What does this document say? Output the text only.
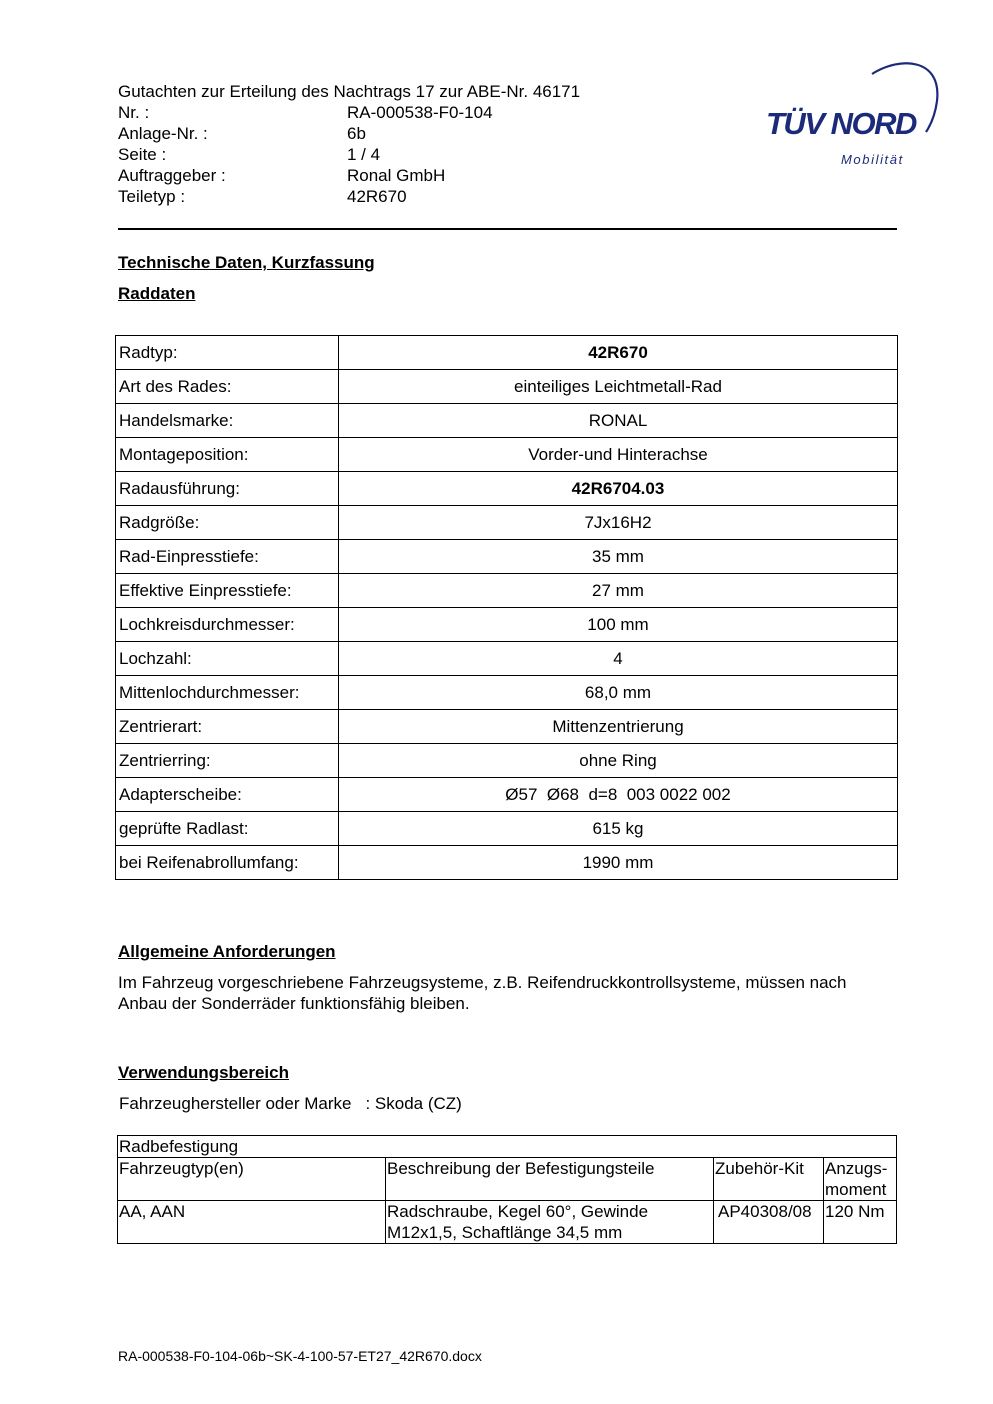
Gutachten zur Erteilung des Nachtrags 17 zur ABE-Nr. 46171
Nr. :	RA-000538-F0-104
Anlage-Nr. :	6b
Seite :	1 / 4
Auftraggeber :	Ronal GmbH
Teiletyp :	42R670
TÜV NORD
Mobilität
Technische Daten, Kurzfassung
Raddaten
Radtyp:	42R670
Art des Rades:	einteiliges Leichtmetall-Rad
Handelsmarke:	RONAL
Montageposition:	Vorder-und Hinterachse
Radausführung:	42R6704.03
Radgröße:	7Jx16H2
Rad-Einpresstiefe:	35 mm
Effektive Einpresstiefe:	27 mm
Lochkreisdurchmesser:	100 mm
Lochzahl:	4
Mittenlochdurchmesser:	68,0 mm
Zentrierart:	Mittenzentrierung
Zentrierring:	ohne Ring
Adapterscheibe:	Ø57  Ø68  d=8  003 0022 002
geprüfte Radlast:	615 kg
bei Reifenabrollumfang:	1990 mm
Allgemeine Anforderungen
Im Fahrzeug vorgeschriebene Fahrzeugsysteme, z.B. Reifendruckkontrollsysteme, müssen nach Anbau der Sonderräder funktionsfähig bleiben.
Verwendungsbereich
Fahrzeughersteller oder Marke : Skoda (CZ)
Radbefestigung			
Fahrzeugtyp(en)	Beschreibung der Befestigungsteile	Zubehör-Kit	Anzugs-
moment
AA, AAN	Radschraube, Kegel 60°, Gewinde
M12x1,5, Schaftlänge 34,5 mm	AP40308/08	120 Nm
RA-000538-F0-104-06b~SK-4-100-57-ET27_42R670.docx
